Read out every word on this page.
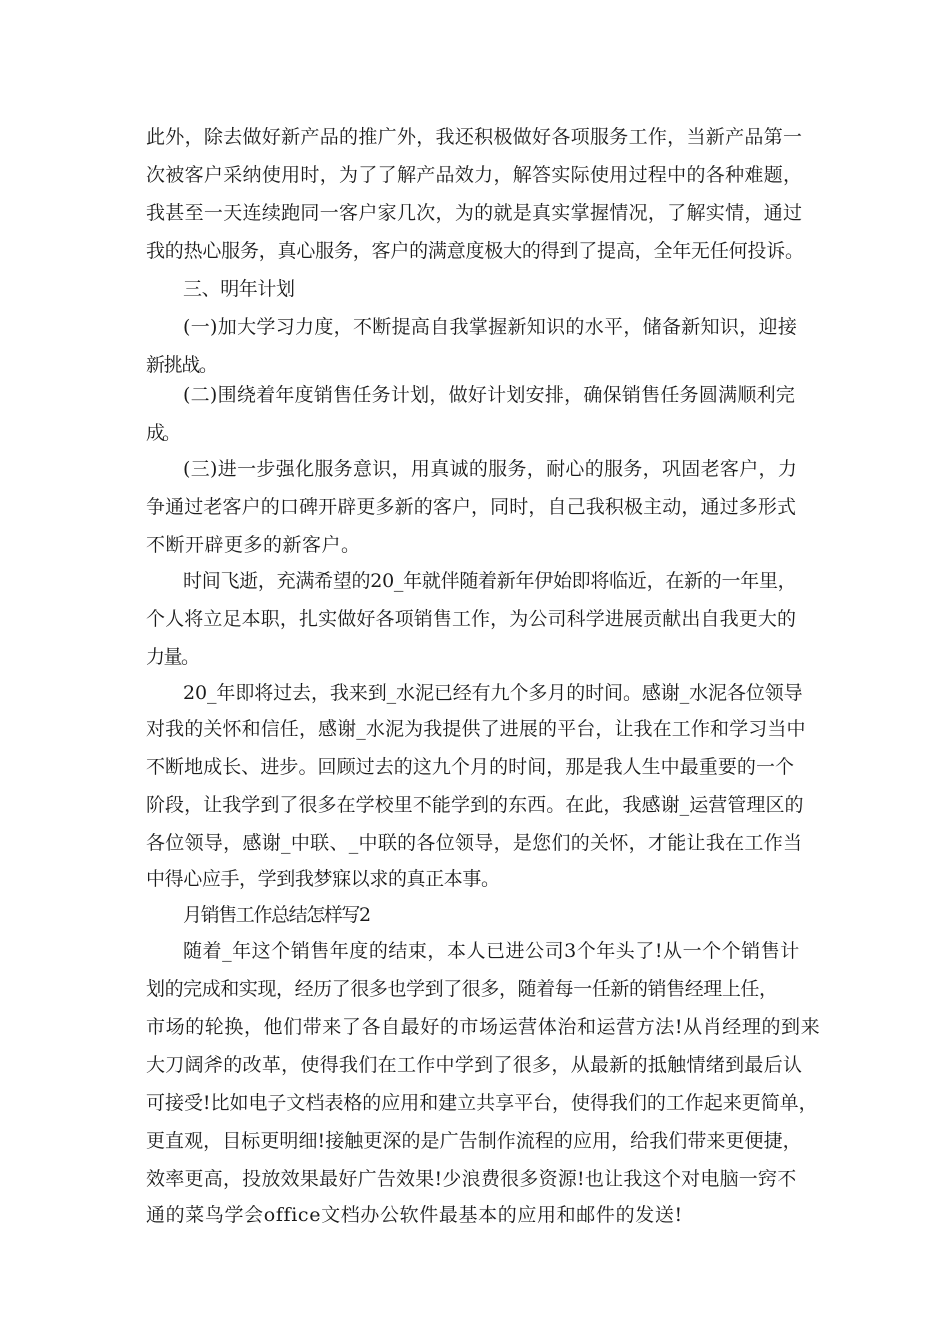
此外，除去做好新产品的推广外，我还积极做好各项服务工作，当新产品第一
次被客户采纳使用时，为了了解产品效力，解答实际使用过程中的各种难题，
我甚至一天连续跑同一客户家几次，为的就是真实掌握情况，了解实情，通过
我的热心服务，真心服务，客户的满意度极大的得到了提高，全年无任何投诉。
三、明年计划
(一)加大学习力度，不断提高自我掌握新知识的水平，储备新知识，迎接
新挑战。
(二)围绕着年度销售任务计划，做好计划安排，确保销售任务圆满顺利完
成。
(三)进一步强化服务意识，用真诚的服务，耐心的服务，巩固老客户，力
争通过老客户的口碑开辟更多新的客户，同时，自己我积极主动，通过多形式
不断开辟更多的新客户。
时间飞逝，充满希望的20_年就伴随着新年伊始即将临近，在新的一年里，
个人将立足本职，扎实做好各项销售工作，为公司科学进展贡献出自我更大的
力量。
20_年即将过去，我来到_水泥已经有九个多月的时间。感谢_水泥各位领导
对我的关怀和信任，感谢_水泥为我提供了进展的平台，让我在工作和学习当中
不断地成长、进步。回顾过去的这九个月的时间，那是我人生中最重要的一个
阶段，让我学到了很多在学校里不能学到的东西。在此，我感谢_运营管理区的
各位领导，感谢_中联、_中联的各位领导，是您们的关怀，才能让我在工作当
中得心应手，学到我梦寐以求的真正本事。
月销售工作总结怎样写2
随着_年这个销售年度的结束，本人已进公司3个年头了!从一个个销售计
划的完成和实现，经历了很多也学到了很多，随着每一任新的销售经理上任，
市场的轮换，他们带来了各自最好的市场运营体治和运营方法!从肖经理的到来
大刀阔斧的改革，使得我们在工作中学到了很多，从最新的抵触情绪到最后认
可接受!比如电子文档表格的应用和建立共享平台，使得我们的工作起来更简单，
更直观，目标更明细!接触更深的是广告制作流程的应用，给我们带来更便捷，
效率更高，投放效果最好广告效果!少浪费很多资源!也让我这个对电脑一窍不
通的菜鸟学会office文档办公软件最基本的应用和邮件的发送!
